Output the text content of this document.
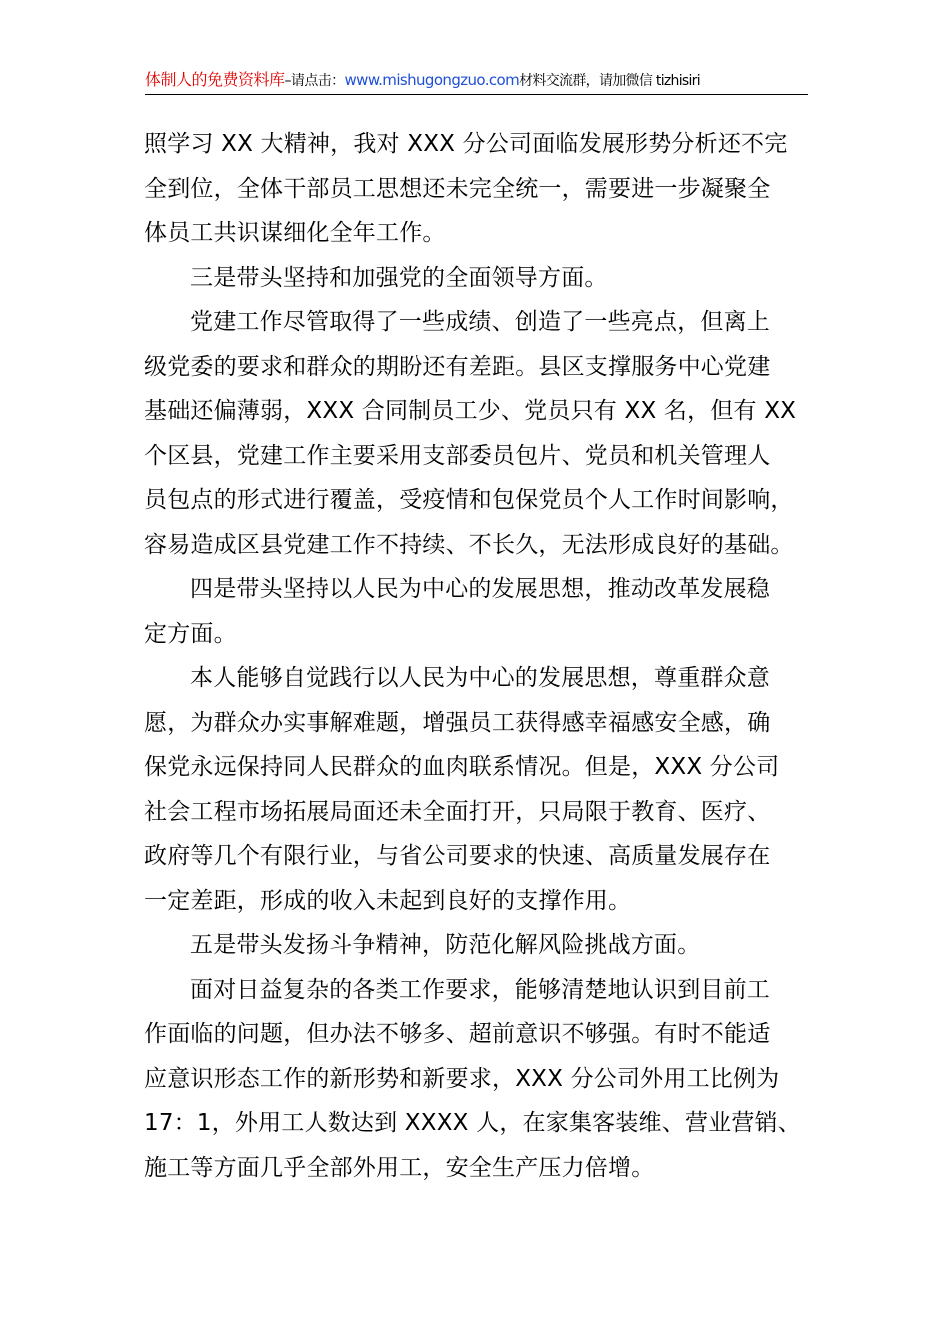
体制人的免费资料库–请点击：www.mishugongzuo.com材料交流群，请加微信 tizhisiri
照学习 XX 大精神，我对 XXX 分公司面临发展形势分析还不完
全到位，全体干部员工思想还未完全统一，需要进一步凝聚全
体员工共识谋细化全年工作。
三是带头坚持和加强党的全面领导方面。
党建工作尽管取得了一些成绩、创造了一些亮点，但离上
级党委的要求和群众的期盼还有差距。县区支撑服务中心党建
基础还偏薄弱，XXX 合同制员工少、党员只有 XX 名，但有 XX
个区县，党建工作主要采用支部委员包片、党员和机关管理人
员包点的形式进行覆盖，受疫情和包保党员个人工作时间影响，
容易造成区县党建工作不持续、不长久，无法形成良好的基础。
四是带头坚持以人民为中心的发展思想，推动改革发展稳
定方面。
本人能够自觉践行以人民为中心的发展思想，尊重群众意
愿，为群众办实事解难题，增强员工获得感幸福感安全感，确
保党永远保持同人民群众的血肉联系情况。但是，XXX 分公司
社会工程市场拓展局面还未全面打开，只局限于教育、医疗、
政府等几个有限行业，与省公司要求的快速、高质量发展存在
一定差距，形成的收入未起到良好的支撑作用。
五是带头发扬斗争精神，防范化解风险挑战方面。
面对日益复杂的各类工作要求，能够清楚地认识到目前工
作面临的问题，但办法不够多、超前意识不够强。有时不能适
应意识形态工作的新形势和新要求，XXX 分公司外用工比例为
17：1，外用工人数达到 XXXX 人，在家集客装维、营业营销、
施工等方面几乎全部外用工，安全生产压力倍增。
